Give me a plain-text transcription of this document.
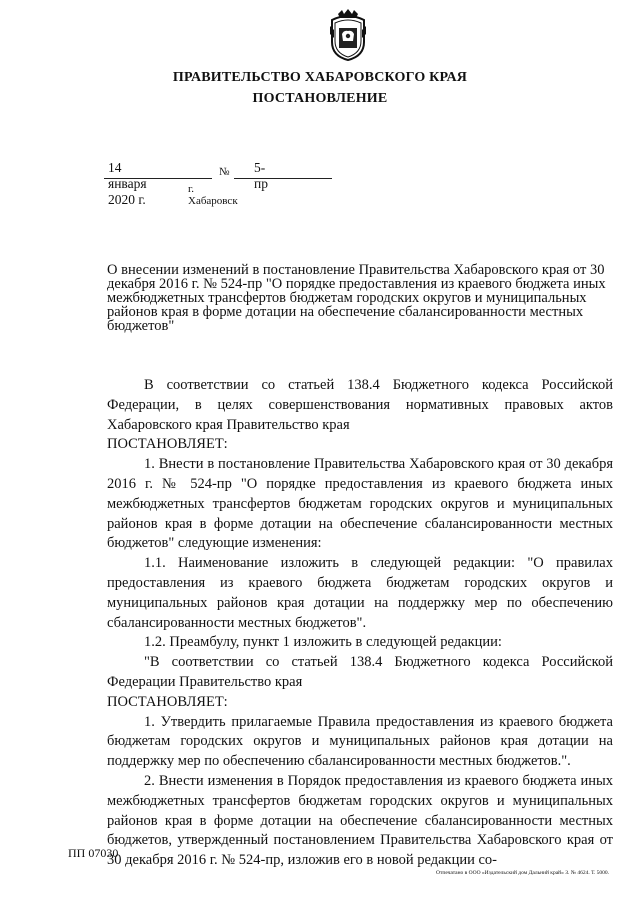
ПРАВИТЕЛЬСТВО ХАБАРОВСКОГО КРАЯ
ПОСТАНОВЛЕНИЕ
14 января 2020 г.
№ 5-пр
г. Хабаровск

О внесении изменений в постановление Правительства Хабаровского края от 30 декабря 2016 г. № 524-пр "О порядке предоставления из краевого бюджета иных межбюджетных трансфертов бюджетам городских округов и муниципальных районов края в форме дотации на обеспечение сбалансированности местных бюджетов"

В соответствии со статьей 138.4 Бюджетного кодекса Российской Федерации, в целях совершенствования нормативных правовых актов Хабаровского края Правительство края

ПОСТАНОВЛЯЕТ:

1. Внести в постановление Правительства Хабаровского края от 30 декабря 2016 г. № 524-пр "О порядке предоставления из краевого бюджета иных межбюджетных трансфертов бюджетам городских округов и муниципальных районов края в форме дотации на обеспечение сбалансированности местных бюджетов" следующие изменения:

1.1. Наименование изложить в следующей редакции: "О правилах предоставления из краевого бюджета бюджетам городских округов и муниципальных районов края дотации на поддержку мер по обеспечению сбалансированности местных бюджетов".

1.2. Преамбулу, пункт 1 изложить в следующей редакции:

"В соответствии со статьей 138.4 Бюджетного кодекса Российской Федерации Правительство края

ПОСТАНОВЛЯЕТ:

1. Утвердить прилагаемые Правила предоставления из краевого бюджета бюджетам городских округов и муниципальных районов края дотации на поддержку мер по обеспечению сбалансированности местных бюджетов.".

2. Внести изменения в Порядок предоставления из краевого бюджета иных межбюджетных трансфертов бюджетам городских округов и муниципальных районов края в форме дотации на обеспечение сбалансированности местных бюджетов, утвержденный постановлением Правительства Хабаровского края от 30 декабря 2016 г. № 524-пр, изложив его в новой редакции со-

ПП 07030
Отпечатано в ООО «Издательский дом Дальний край» З. № 4624. Т. 5000.
